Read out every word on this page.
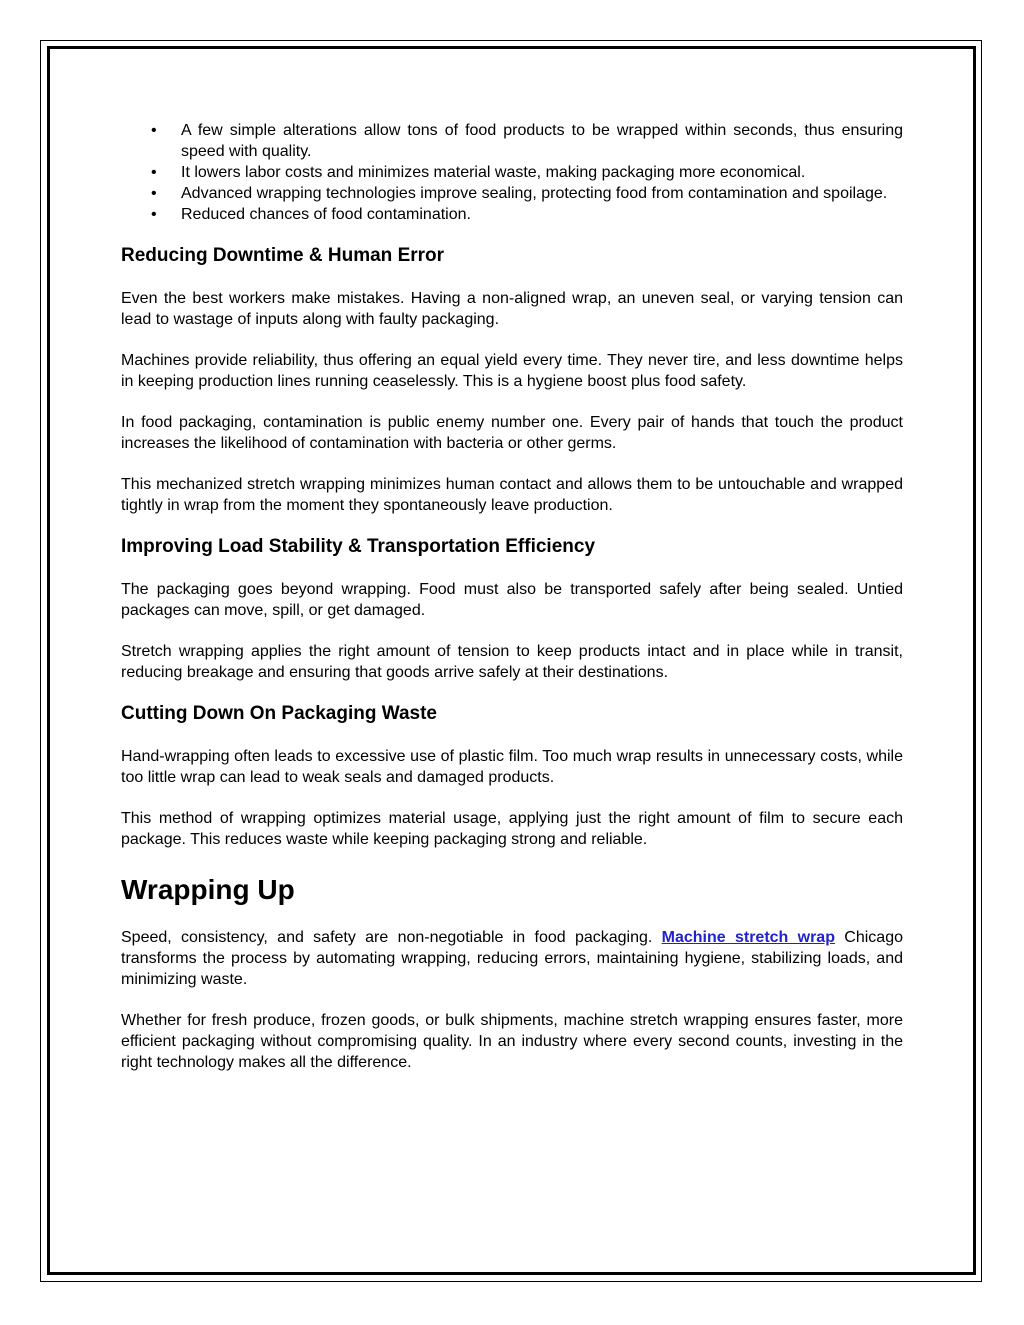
• A few simple alterations allow tons of food products to be wrapped within seconds, thus ensuring speed with quality.
• It lowers labor costs and minimizes material waste, making packaging more economical.
• Advanced wrapping technologies improve sealing, protecting food from contamination and spoilage.
• Reduced chances of food contamination.
Reducing Downtime & Human Error

Even the best workers make mistakes. Having a non-aligned wrap, an uneven seal, or varying tension can lead to wastage of inputs along with faulty packaging.

Machines provide reliability, thus offering an equal yield every time. They never tire, and less downtime helps in keeping production lines running ceaselessly. This is a hygiene boost plus food safety.

In food packaging, contamination is public enemy number one. Every pair of hands that touch the product increases the likelihood of contamination with bacteria or other germs.

This mechanized stretch wrapping minimizes human contact and allows them to be untouchable and wrapped tightly in wrap from the moment they spontaneously leave production.

Improving Load Stability & Transportation Efficiency

The packaging goes beyond wrapping. Food must also be transported safely after being sealed. Untied packages can move, spill, or get damaged.

Stretch wrapping applies the right amount of tension to keep products intact and in place while in transit, reducing breakage and ensuring that goods arrive safely at their destinations.

Cutting Down On Packaging Waste

Hand-wrapping often leads to excessive use of plastic film. Too much wrap results in unnecessary costs, while too little wrap can lead to weak seals and damaged products.

This method of wrapping optimizes material usage, applying just the right amount of film to secure each package. This reduces waste while keeping packaging strong and reliable.

Wrapping Up

Speed, consistency, and safety are non-negotiable in food packaging. Machine stretch wrap Chicago transforms the process by automating wrapping, reducing errors, maintaining hygiene, stabilizing loads, and minimizing waste.

Whether for fresh produce, frozen goods, or bulk shipments, machine stretch wrapping ensures faster, more efficient packaging without compromising quality. In an industry where every second counts, investing in the right technology makes all the difference.
